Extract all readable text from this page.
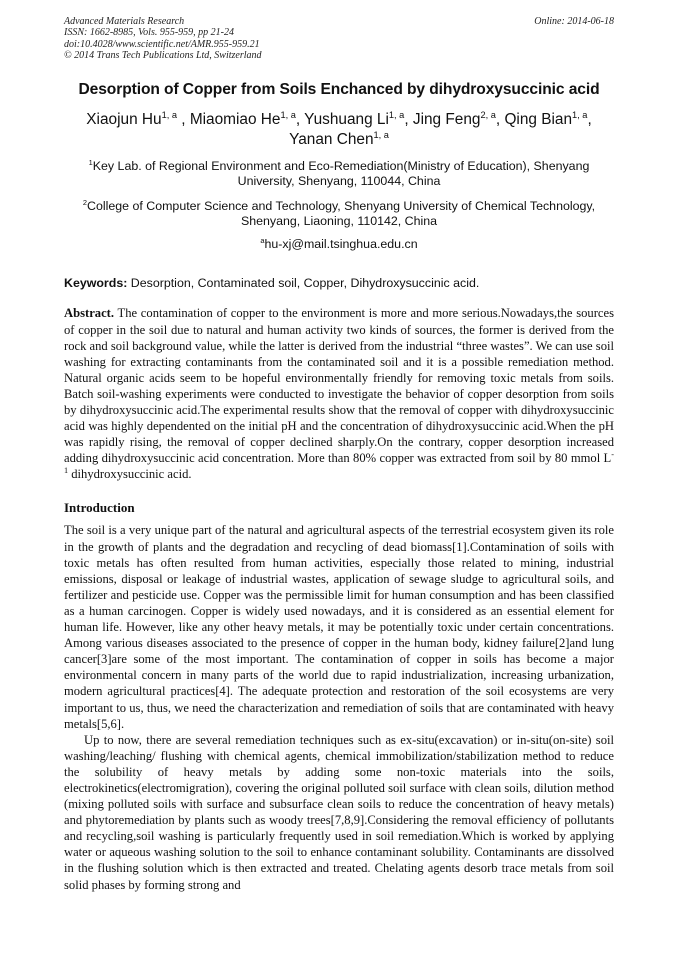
Advanced Materials Research
ISSN: 1662-8985, Vols. 955-959, pp 21-24
doi:10.4028/www.scientific.net/AMR.955-959.21
© 2014 Trans Tech Publications Ltd, Switzerland
Online: 2014-06-18
Desorption of Copper from Soils Enchanced by dihydroxysuccinic acid
Xiaojun Hu$^{1, a}$ , Miaomiao He$^{1, a}$, Yushuang Li$^{1, a}$, Jing Feng$^{2, a}$, Qing Bian$^{1, a}$,
Yanan Chen$^{1, a}$
$^1$Key Lab. of Regional Environment and Eco-Remediation(Ministry of Education), Shenyang
University, Shenyang, 110044, China
$^2$College of Computer Science and Technology, Shenyang University of Chemical Technology,
Shenyang, Liaoning, 110142, China
$^a$hu-xj@mail.tsinghua.edu.cn
Keywords: Desorption, Contaminated soil, Copper, Dihydroxysuccinic acid.
Abstract. The contamination of copper to the environment is more and more serious.Nowadays,the sources of copper in the soil due to natural and human activity two kinds of sources, the former is derived from the rock and soil background value, while the latter is derived from the industrial “three wastes”. We can use soil washing for extracting contaminants from the contaminated soil and it is a possible remediation method. Natural organic acids seem to be hopeful environmentally friendly for removing toxic metals from soils. Batch soil-washing experiments were conducted to investigate the behavior of copper desorption from soils by dihydroxysuccinic acid.The experimental results show that the removal of copper with dihydroxysuccinic acid was highly dependented on the initial pH and the concentration of dihydroxysuccinic acid.When the pH was rapidly rising, the removal of copper declined sharply.On the contrary, copper desorption increased adding dihydroxysuccinic acid concentration. More than 80% copper was extracted from soil by 80 mmol $L^{-1}$ dihydroxysuccinic acid.
Introduction

The soil is a very unique part of the natural and agricultural aspects of the terrestrial ecosystem given its role in the growth of plants and the degradation and recycling of dead biomass[1].Contamination of soils with toxic metals has often resulted from human activities, especially those related to mining, industrial emissions, disposal or leakage of industrial wastes, application of sewage sludge to agricultural soils, and fertilizer and pesticide use. Copper was the permissible limit for human consumption and has been classified as a human carcinogen. Copper is widely used nowadays, and it is considered as an essential element for human life. However, like any other heavy metals, it may be potentially toxic under certain concentrations. Among various diseases associated to the presence of copper in the human body, kidney failure[2]and lung cancer[3]are some of the most important. The contamination of copper in soils has become a major environmental concern in many parts of the world due to rapid industrialization, increasing urbanization, modern agricultural practices[4]. The adequate protection and restoration of the soil ecosystems are very important to us, thus, we need the characterization and remediation of soils that are contaminated with heavy metals[5,6].

Up to now, there are several remediation techniques such as ex-situ(excavation) or in-situ(on-site) soil washing/leaching/ flushing with chemical agents, chemical immobilization/stabilization method to reduce the solubility of heavy metals by adding some non-toxic materials into the soils, electrokinetics(electromigration), covering the original polluted soil surface with clean soils, dilution method (mixing polluted soils with surface and subsurface clean soils to reduce the concentration of heavy metals) and phytoremediation by plants such as woody trees[7,8,9].Considering the removal efficiency of pollutants and recycling,soil washing is particularly frequently used in soil remediation.Which is worked by applying water or aqueous washing solution to the soil to enhance contaminant solubility. Contaminants are dissolved in the flushing solution which is then extracted and treated. Chelating agents desorb trace metals from soil solid phases by forming strong and
